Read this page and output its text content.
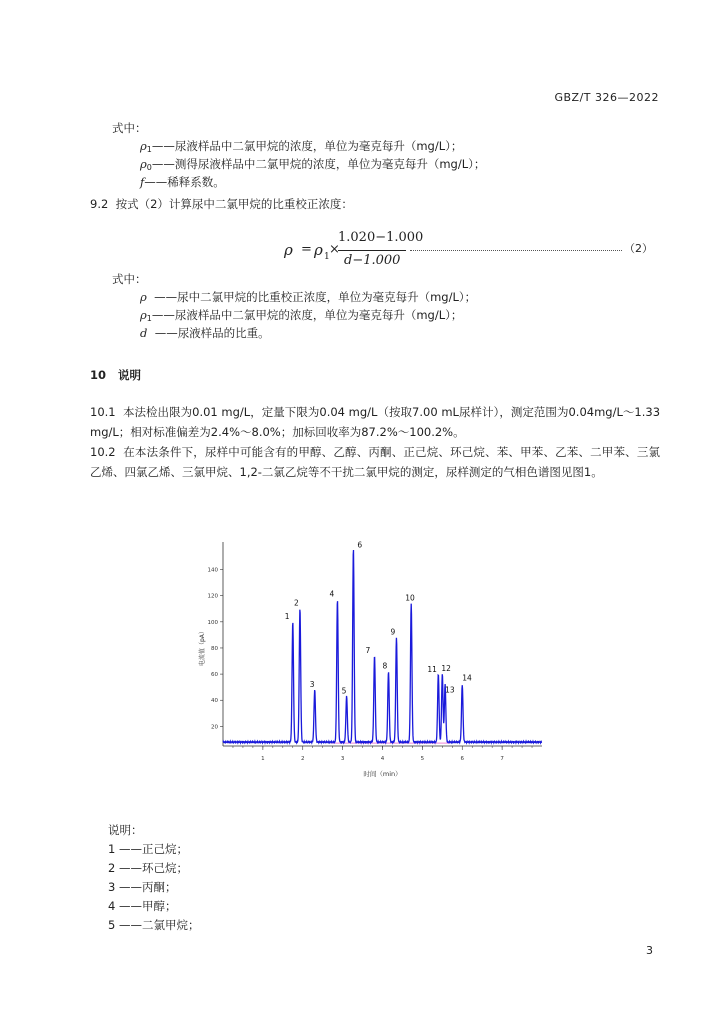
GBZ/T 326—2022
式中：
$\rho_1——$尿液样品中二氯甲烷的浓度，单位为毫克每升（mg/L）；
$\rho_0——$测得尿液样品中二氯甲烷的浓度，单位为毫克每升（mg/L）；
f——稀释系数。
9.2 按式（2）计算尿中二氯甲烷的比重校正浓度：
ρ = ρ 1 ×
1.020−1.000
d−1.000
（2）
式中：
ρ ——尿中二氯甲烷的比重校正浓度，单位为毫克每升（mg/L）；
$\rho_1——$尿液样品中二氯甲烷的浓度，单位为毫克每升（mg/L）；
d ——尿液样品的比重。
10 说明
10.1 本法检出限为0.01 mg/L，定量下限为0.04 mg/L（按取7.00 mL尿样计），测定范围为0.04mg/L～1.33 mg/L；相对标准偏差为2.4%～8.0%；加标回收率为87.2%～100.2%。
10.2 在本法条件下，尿样中可能含有的甲醇、乙醇、丙酮、正己烷、环己烷、苯、甲苯、乙苯、二甲苯、三氯乙烯、四氯乙烯、三氯甲烷、1,2-二氯乙烷等不干扰二氯甲烷的测定，尿样测定的气相色谱图见图1。
20
40
60
80
100
120
140
1	2	3	4	5	6	7
1
2
3
4
5
6
7
8
9
10
11 12
13
14
电流值（pA）
时间（min）
说明：
1 ——正己烷；
2 ——环己烷；
3 ——丙酮；
4 ——甲醇；
5 ——二氯甲烷；
3
